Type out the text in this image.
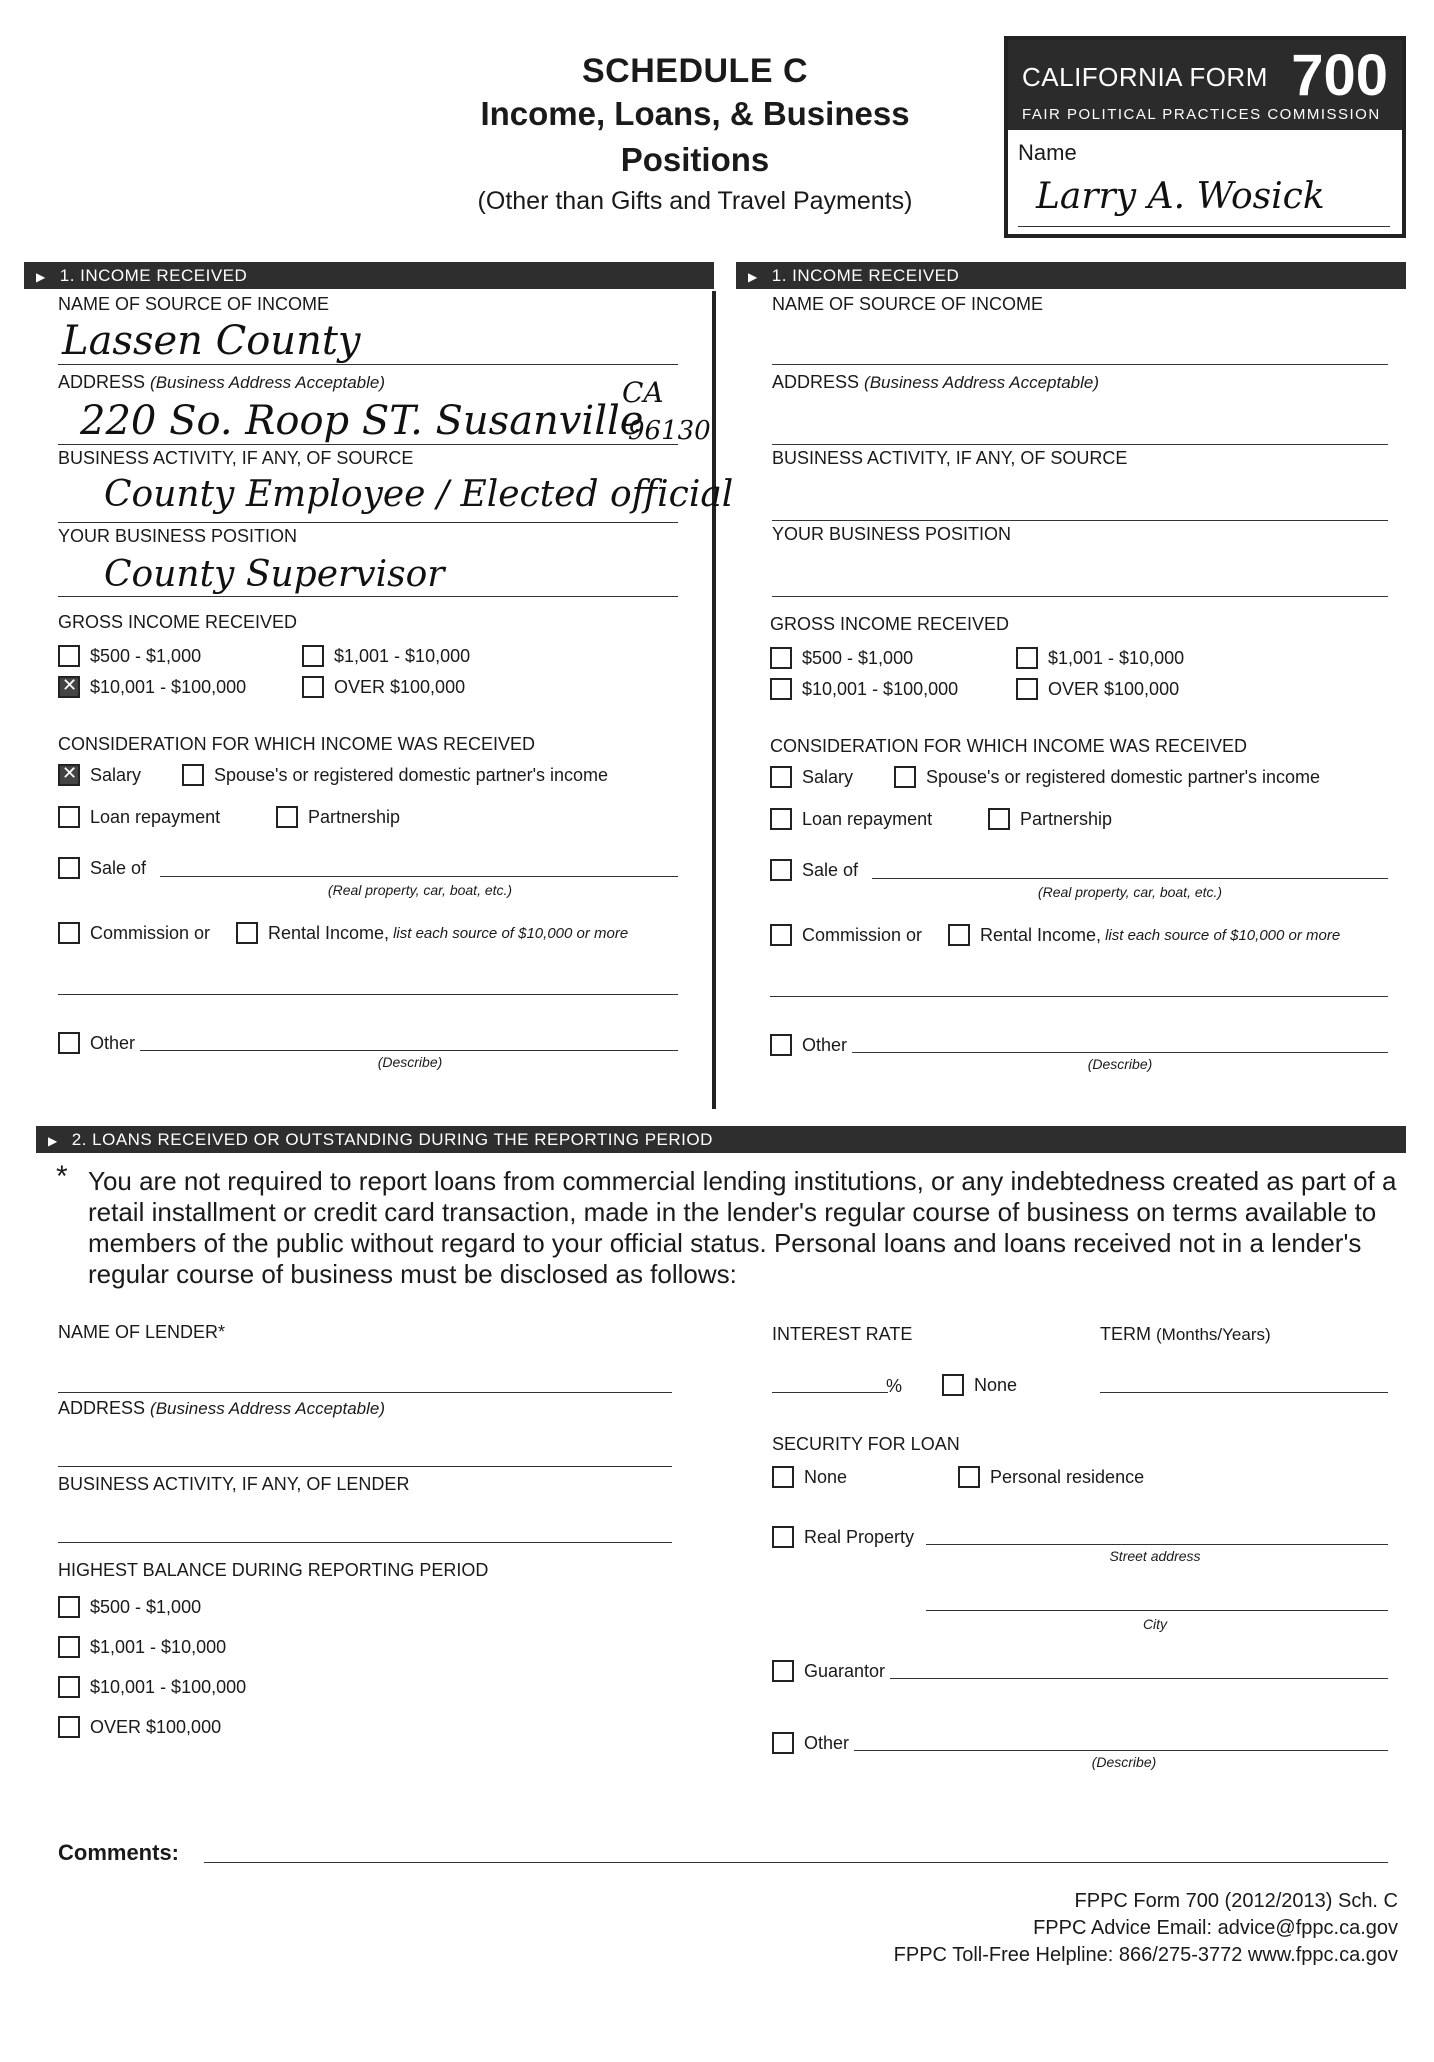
SCHEDULE C
Income, Loans, & Business
Positions
(Other than Gifts and Travel Payments)
CALIFORNIA FORM 700
FAIR POLITICAL PRACTICES COMMISSION
Name
Larry A. Wosick
▶ 1. INCOME RECEIVED	▶ 1. INCOME RECEIVED
NAME OF SOURCE OF INCOME
Lassen County
ADDRESS (Business Address Acceptable)
220 So. Roop ST. Susanville
CA
96130
BUSINESS ACTIVITY, IF ANY, OF SOURCE
County Employee / Elected official
YOUR BUSINESS POSITION
County Supervisor
GROSS INCOME RECEIVED
$500 - $1,000	$1,001 - $10,000
✕
$10,001 - $100,000	OVER $100,000
CONSIDERATION FOR WHICH INCOME WAS RECEIVED
✕
Salary	Spouse's or registered domestic partner's income
Loan repayment	Partnership
Sale of
(Real property, car, boat, etc.)
Commission or	Rental Income, list each source of $10,000 or more
Other
(Describe)
NAME OF SOURCE OF INCOME
ADDRESS (Business Address Acceptable)
BUSINESS ACTIVITY, IF ANY, OF SOURCE
YOUR BUSINESS POSITION
GROSS INCOME RECEIVED
$500 - $1,000	$1,001 - $10,000
$10,001 - $100,000	OVER $100,000
CONSIDERATION FOR WHICH INCOME WAS RECEIVED
Salary	Spouse's or registered domestic partner's income
Loan repayment	Partnership
Sale of
(Real property, car, boat, etc.)
Commission or	Rental Income, list each source of $10,000 or more
Other
(Describe)
▶ 2. LOANS RECEIVED OR OUTSTANDING DURING THE REPORTING PERIOD
* You are not required to report loans from commercial lending institutions, or any indebtedness created as part of a retail installment or credit card transaction, made in the lender's regular course of business on terms available to members of the public without regard to your official status. Personal loans and loans received not in a lender's regular course of business must be disclosed as follows:
NAME OF LENDER*
ADDRESS (Business Address Acceptable)
BUSINESS ACTIVITY, IF ANY, OF LENDER
HIGHEST BALANCE DURING REPORTING PERIOD
$500 - $1,000
$1,001 - $10,000
$10,001 - $100,000
OVER $100,000
INTEREST RATE
%	None
TERM (Months/Years)
SECURITY FOR LOAN
None	Personal residence
Real Property
Street address
City
Guarantor
Other
(Describe)
Comments:
FPPC Form 700 (2012/2013) Sch. C
FPPC Advice Email: advice@fppc.ca.gov
FPPC Toll-Free Helpline: 866/275-3772 www.fppc.ca.gov
